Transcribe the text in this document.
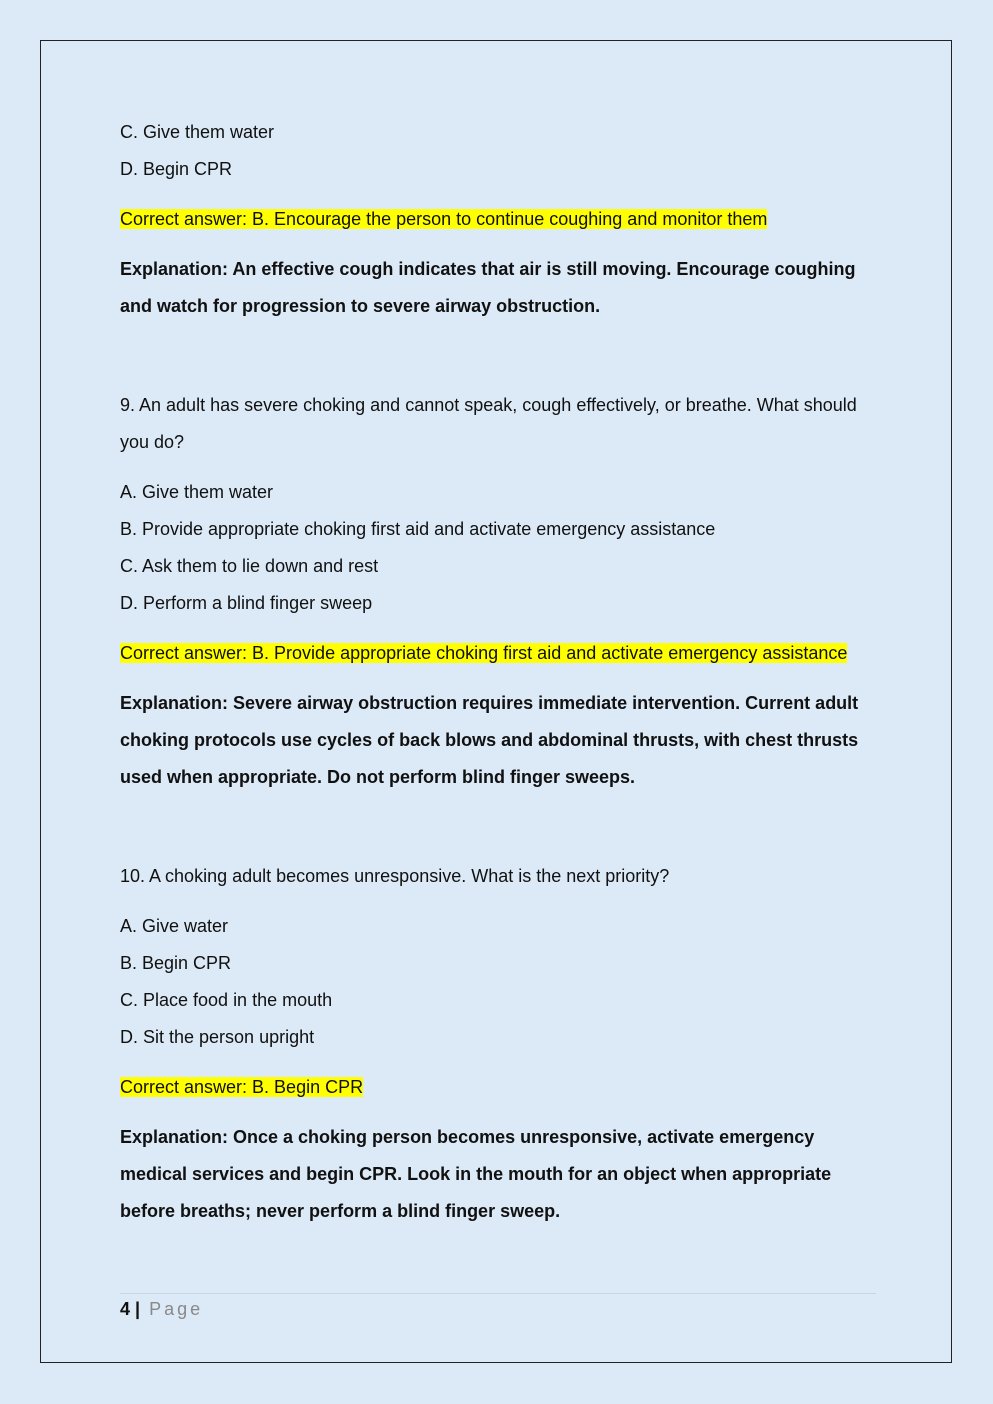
C. Give them water

D. Begin CPR

Correct answer: B. Encourage the person to continue coughing and monitor them

Explanation: An effective cough indicates that air is still moving. Encourage coughing and watch for progression to severe airway obstruction.

9. An adult has severe choking and cannot speak, cough effectively, or breathe. What should you do?

A. Give them water

B. Provide appropriate choking first aid and activate emergency assistance

C. Ask them to lie down and rest

D. Perform a blind finger sweep

Correct answer: B. Provide appropriate choking first aid and activate emergency assistance

Explanation: Severe airway obstruction requires immediate intervention. Current adult choking protocols use cycles of back blows and abdominal thrusts, with chest thrusts used when appropriate. Do not perform blind finger sweeps.

10. A choking adult becomes unresponsive. What is the next priority?

A. Give water

B. Begin CPR

C. Place food in the mouth

D. Sit the person upright

Correct answer: B. Begin CPR

Explanation: Once a choking person becomes unresponsive, activate emergency medical services and begin CPR. Look in the mouth for an object when appropriate before breaths; never perform a blind finger sweep.

4 | Page
